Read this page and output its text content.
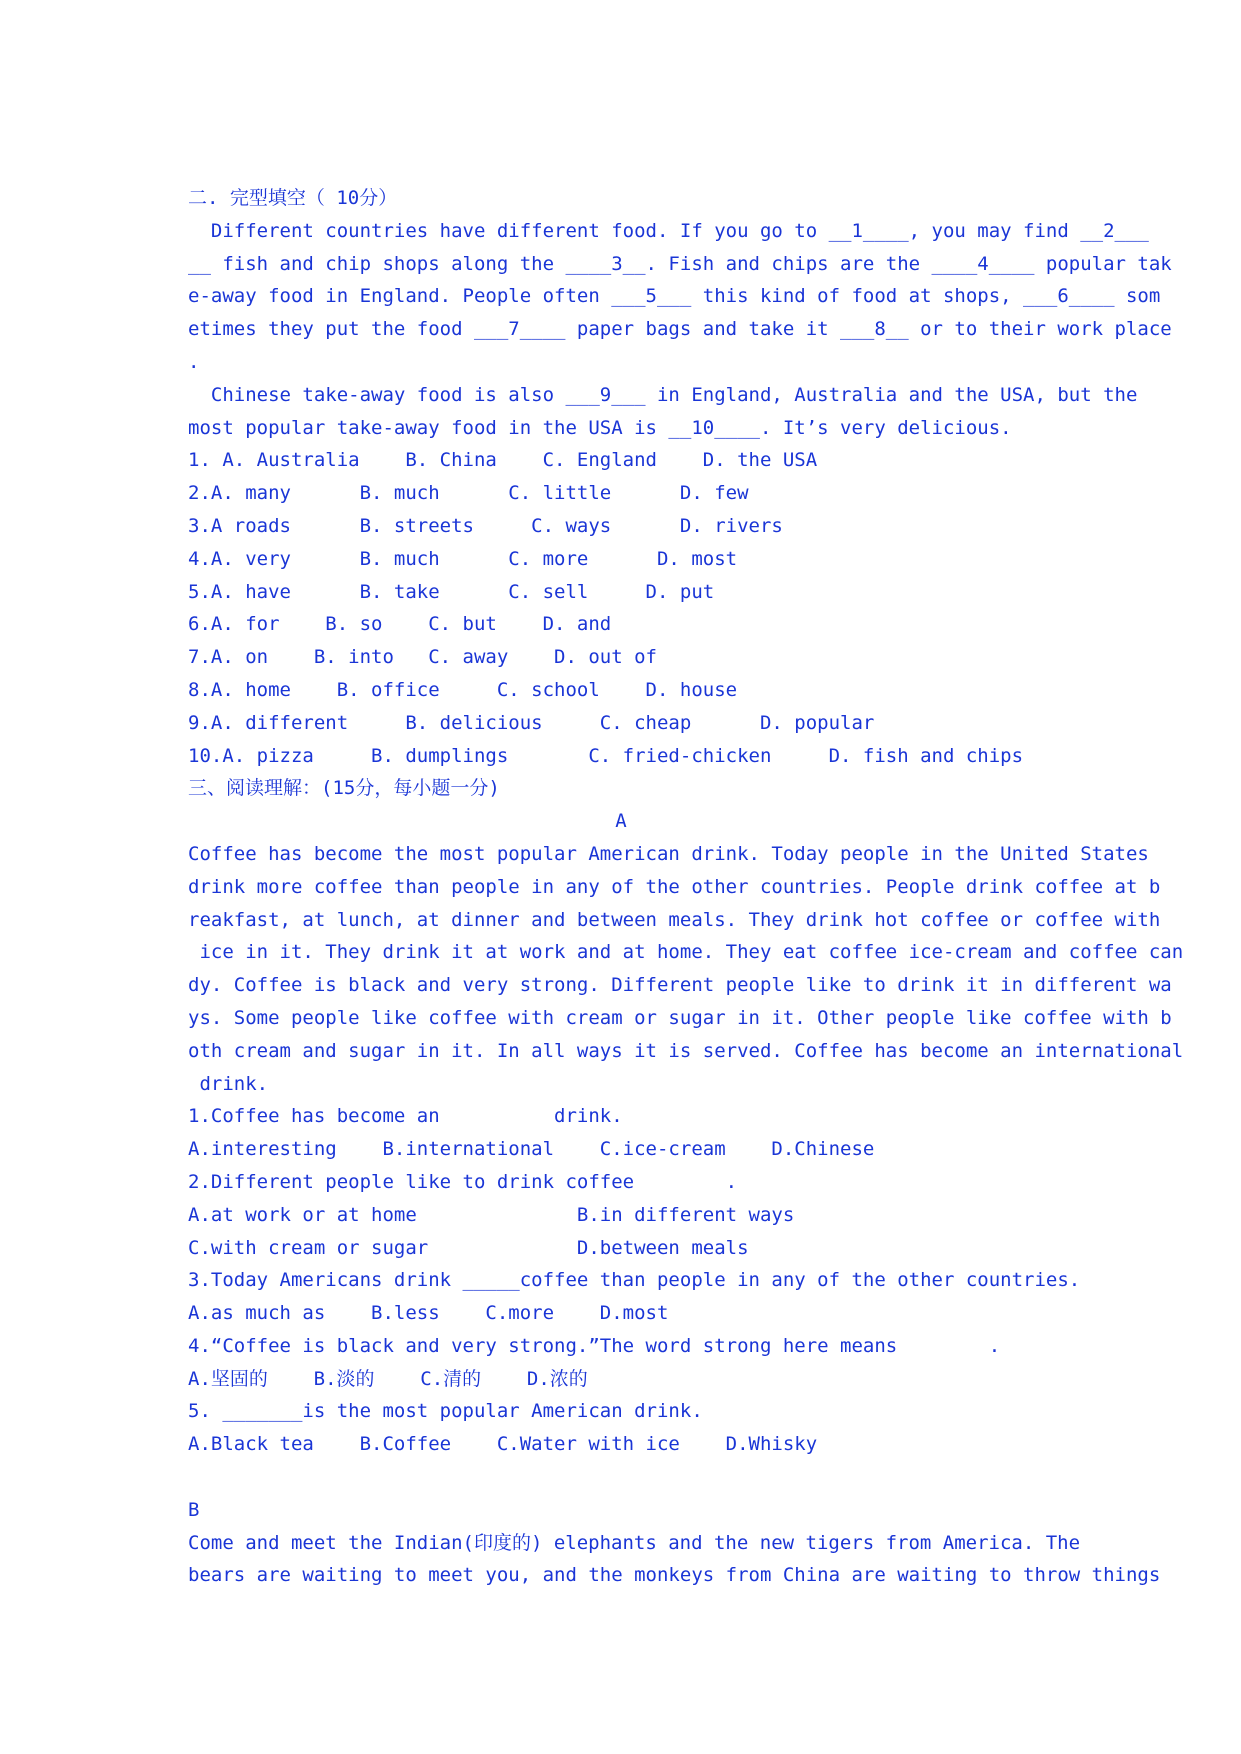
二. 完型填空（ 10分）
Different countries have different food. If you go to __1____, you may find __2___
__ fish and chip shops along the ____3__. Fish and chips are the ____4____ popular tak
e-away food in England. People often ___5___ this kind of food at shops, ___6____ som
etimes they put the food ___7____ paper bags and take it ___8__ or to their work place
.
Chinese take-away food is also ___9___ in England, Australia and the USA, but the
most popular take-away food in the USA is __10____. It’s very delicious.
1. A. Australia    B. China    C. England    D. the USA
2.A. many      B. much      C. little      D. few
3.A roads      B. streets     C. ways      D. rivers
4.A. very      B. much      C. more      D. most
5.A. have      B. take      C. sell     D. put
6.A. for    B. so    C. but    D. and
7.A. on    B. into   C. away    D. out of
8.A. home    B. office     C. school    D. house
9.A. different     B. delicious     C. cheap      D. popular
10.A. pizza     B. dumplings       C. fried-chicken     D. fish and chips
三、阅读理解：(15分，每小题一分)
A
Coffee has become the most popular American drink. Today people in the United States
drink more coffee than people in any of the other countries. People drink coffee at b
reakfast, at lunch, at dinner and between meals. They drink hot coffee or coffee with
ice in it. They drink it at work and at home. They eat coffee ice-cream and coffee can
dy. Coffee is black and very strong. Different people like to drink it in different wa
ys. Some people like coffee with cream or sugar in it. Other people like coffee with b
oth cream and sugar in it. In all ways it is served. Coffee has become an international
drink.
1.Coffee has become an          drink.
A.interesting    B.international    C.ice-cream    D.Chinese
2.Different people like to drink coffee        .
A.at work or at home              B.in different ways
C.with cream or sugar             D.between meals
3.Today Americans drink _____coffee than people in any of the other countries.
A.as much as    B.less    C.more    D.most
4.“Coffee is black and very strong.”The word strong here means        .
A.坚固的    B.淡的    C.清的    D.浓的
5. _______is the most popular American drink.
A.Black tea    B.Coffee    C.Water with ice    D.Whisky
B
Come and meet the Indian(印度的) elephants and the new tigers from America. The
bears are waiting to meet you, and the monkeys from China are waiting to throw things
